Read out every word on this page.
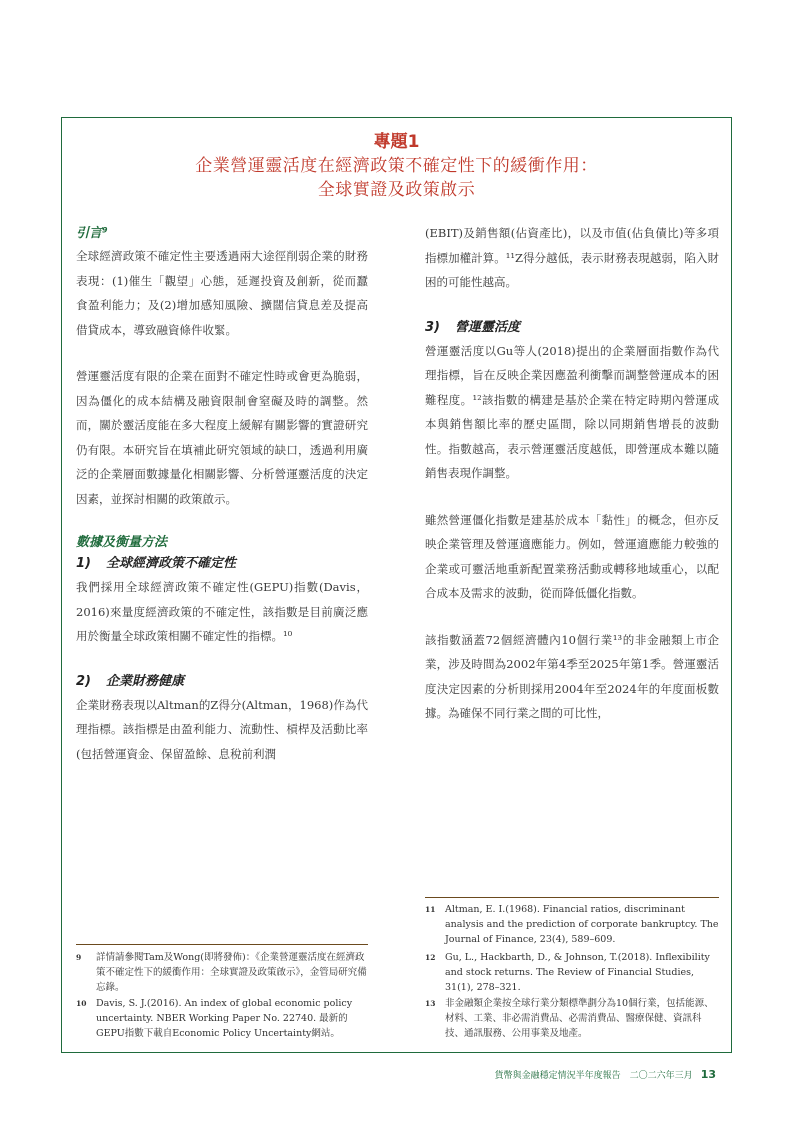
專題1
企業營運靈活度在經濟政策不確定性下的緩衝作用：
全球實證及政策啟示
引言⁹

全球經濟政策不確定性主要透過兩大途徑削弱企業的財務表現：(1)催生「觀望」心態，延遲投資及創新，從而蠶食盈利能力；及(2)增加感知風險、擴闊信貸息差及提高借貸成本，導致融資條件收緊。

營運靈活度有限的企業在面對不確定性時或會更為脆弱，因為僵化的成本結構及融資限制會窒礙及時的調整。然而，關於靈活度能在多大程度上緩解有關影響的實證研究仍有限。本研究旨在填補此研究領域的缺口，透過利用廣泛的企業層面數據量化相關影響、分析營運靈活度的決定因素，並探討相關的政策啟示。

數據及衡量方法
1) 全球經濟政策不確定性

我們採用全球經濟政策不確定性(GEPU)指數(Davis，2016)來量度經濟政策的不確定性，該指數是目前廣泛應用於衡量全球政策相關不確定性的指標。¹⁰

2) 企業財務健康

企業財務表現以Altman的Z得分(Altman，1968)作為代理指標。該指標是由盈利能力、流動性、槓桿及活動比率(包括營運資金、保留盈餘、息稅前利潤

(EBIT)及銷售額(佔資產比)，以及市值(佔負債比)等多項指標加權計算。¹¹Z得分越低，表示財務表現越弱，陷入財困的可能性越高。

3) 營運靈活度

營運靈活度以Gu等人(2018)提出的企業層面指數作為代理指標，旨在反映企業因應盈利衝擊而調整營運成本的困難程度。¹²該指數的構建是基於企業在特定時期內營運成本與銷售額比率的歷史區間，除以同期銷售增長的波動性。指數越高，表示營運靈活度越低，即營運成本難以隨銷售表現作調整。

雖然營運僵化指數是建基於成本「黏性」的概念，但亦反映企業管理及營運適應能力。例如，營運適應能力較強的企業或可靈活地重新配置業務活動或轉移地域重心，以配合成本及需求的波動，從而降低僵化指數。

該指數涵蓋72個經濟體內10個行業¹³的非金融類上市企業，涉及時間為2002年第4季至2025年第1季。營運靈活度決定因素的分析則採用2004年至2024年的年度面板數據。為確保不同行業之間的可比性，

9 詳情請參閱Tam及Wong(即將發佈)：《企業營運靈活度在經濟政策不確定性下的緩衝作用：全球實證及政策啟示》，金管局研究備忘錄。
10 Davis, S. J.(2016). An index of global economic policy uncertainty. NBER Working Paper No. 22740. 最新的GEPU指數下載自Economic Policy Uncertainty網站。
11 Altman, E. I.(1968). Financial ratios, discriminant analysis and the prediction of corporate bankruptcy. The Journal of Finance, 23(4), 589–609.
12 Gu, L., Hackbarth, D., & Johnson, T.(2018). Inflexibility and stock returns. The Review of Financial Studies, 31(1), 278–321.
13 非金融類企業按全球行業分類標準劃分為10個行業，包括能源、材料、工業、非必需消費品、必需消費品、醫療保健、資訊科技、通訊服務、公用事業及地產。
貨幣與金融穩定情況半年度報告　二〇二六年三月 13
